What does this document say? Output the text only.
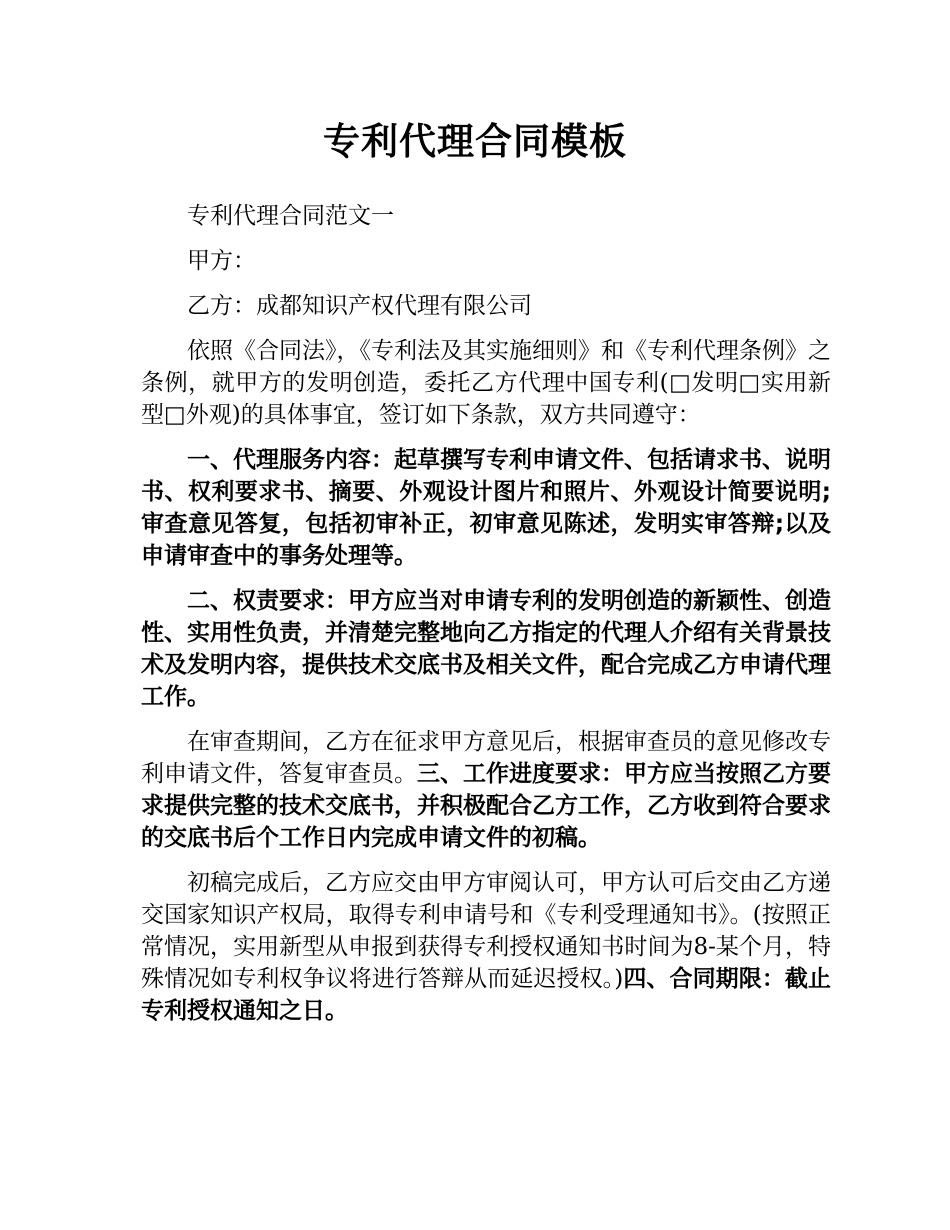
专利代理合同模板

专利代理合同范文一

甲方：

乙方：成都知识产权代理有限公司

依照《合同法》，《专利法及其实施细则》和《专利代理条例》之条例，就甲方的发明创造，委托乙方代理中国专利(□发明□实用新型□外观)的具体事宜，签订如下条款，双方共同遵守：

一、代理服务内容：起草撰写专利申请文件、包括请求书、说明书、权利要求书、摘要、外观设计图片和照片、外观设计简要说明;审查意见答复，包括初审补正，初审意见陈述，发明实审答辩;以及申请审查中的事务处理等。

二、权责要求：甲方应当对申请专利的发明创造的新颖性、创造性、实用性负责，并清楚完整地向乙方指定的代理人介绍有关背景技术及发明内容，提供技术交底书及相关文件，配合完成乙方申请代理工作。

在审查期间，乙方在征求甲方意见后，根据审查员的意见修改专利申请文件，答复审查员。三、工作进度要求：甲方应当按照乙方要求提供完整的技术交底书，并积极配合乙方工作，乙方收到符合要求的交底书后个工作日内完成申请文件的初稿。

初稿完成后，乙方应交由甲方审阅认可，甲方认可后交由乙方递交国家知识产权局，取得专利申请号和《专利受理通知书》。(按照正常情况，实用新型从申报到获得专利授权通知书时间为8-某个月，特殊情况如专利权争议将进行答辩从而延迟授权。)四、合同期限：截止专利授权通知之日。
